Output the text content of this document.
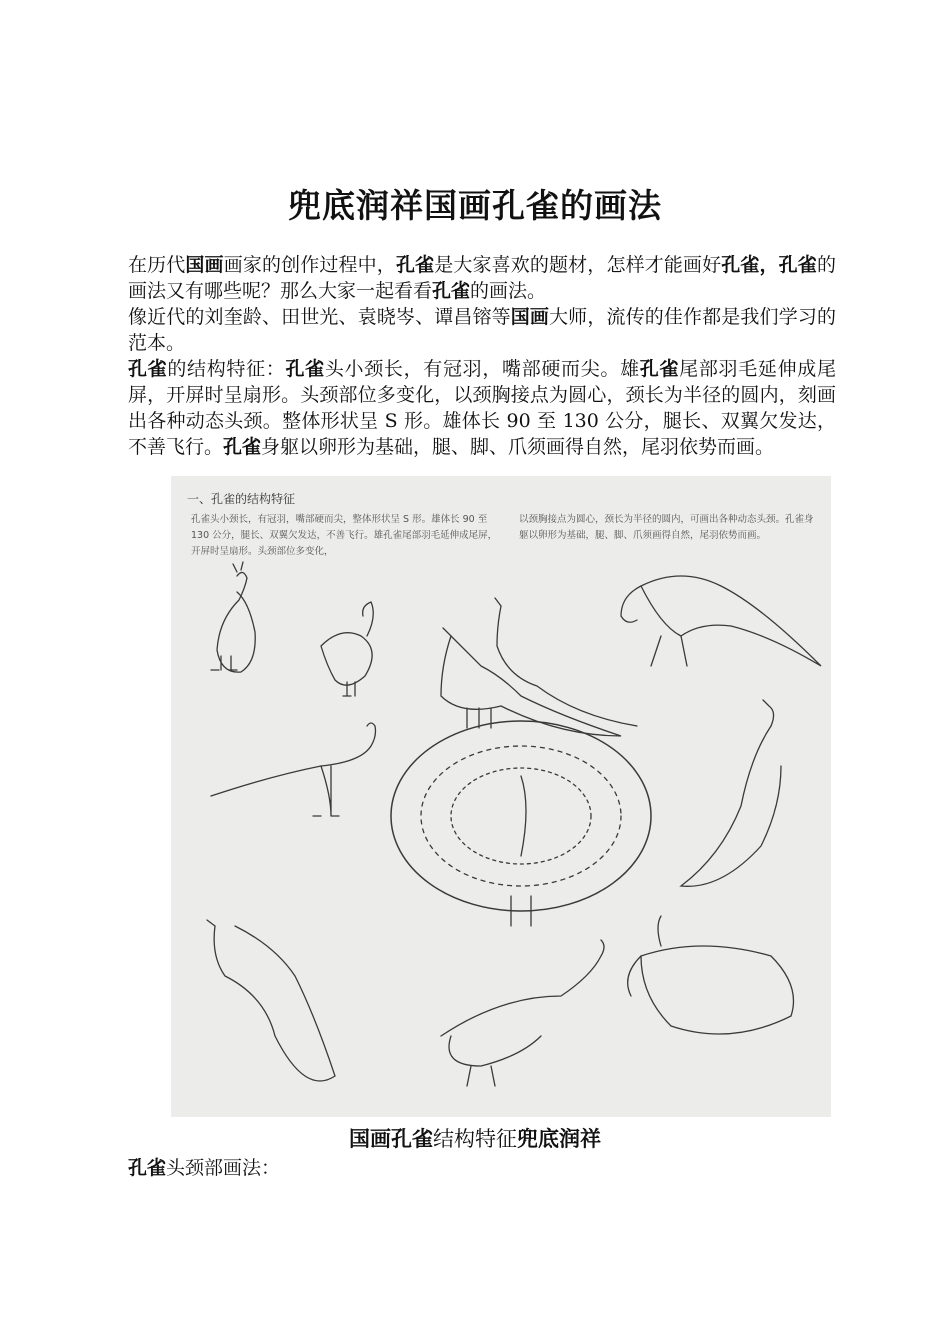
兜底润祥国画孔雀的画法

在历代国画画家的创作过程中，孔雀是大家喜欢的题材，怎样才能画好孔雀，孔雀的画法又有哪些呢？那么大家一起看看孔雀的画法。

像近代的刘奎龄、田世光、袁晓岑、谭昌镕等国画大师，流传的佳作都是我们学习的范本。

孔雀的结构特征：孔雀头小颈长，有冠羽，嘴部硬而尖。雄孔雀尾部羽毛延伸成尾屏，开屏时呈扇形。头颈部位多变化，以颈胸接点为圆心，颈长为半径的圆内，刻画出各种动态头颈。整体形状呈 S 形。雄体长 90 至 130 公分，腿长、双翼欠发达，不善飞行。孔雀身躯以卵形为基础，腿、脚、爪须画得自然，尾羽依势而画。

一、孔雀的结构特征
孔雀头小颈长，有冠羽，嘴部硬而尖，整体形状呈 S 形。雄体长 90 至 130 公分，腿长、双翼欠发达，不善飞行。雄孔雀尾部羽毛延伸成尾屏，开屏时呈扇形。头颈部位多变化，
以颈胸接点为圆心，颈长为半径的圆内，可画出各种动态头颈。孔雀身躯以卵形为基础，腿、脚、爪须画得自然，尾羽依势而画。
国画孔雀结构特征兜底润祥
孔雀头颈部画法：
